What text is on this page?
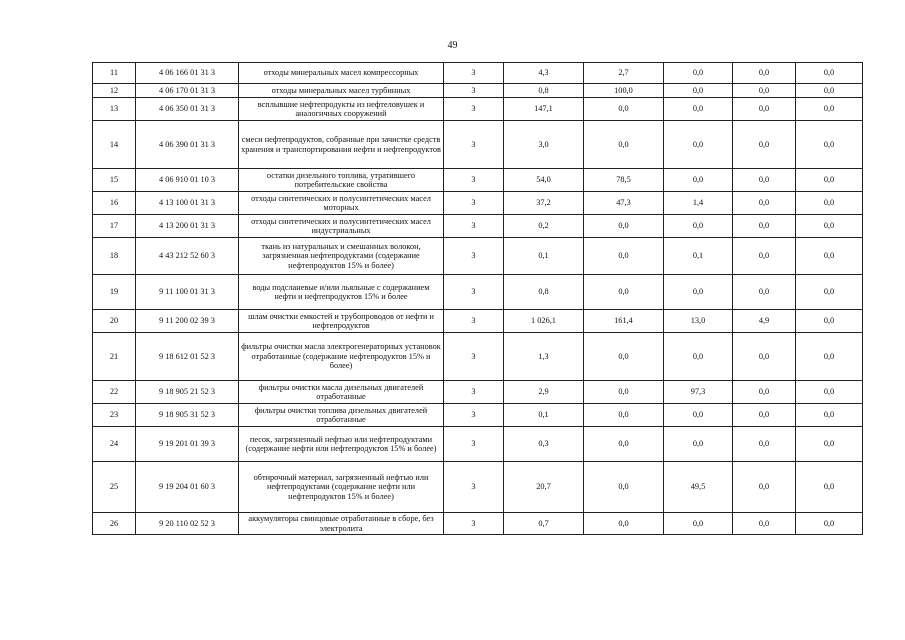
49
11	4 06 166 01 31 3	отходы минеральных масел компрессорных	3	4,3	2,7	0,0	0,0	0,0
12	4 06 170 01 31 3	отходы минеральных масел турбинных	3	0,8	100,0	0,0	0,0	0,0
13	4 06 350 01 31 3	всплывшие нефтепродукты из нефтеловушек и аналогичных сооружений	3	147,1	0,0	0,0	0,0	0,0
14	4 06 390 01 31 3	смеси нефтепродуктов, собранные при зачистке средств хранения и транспортирования нефти и нефтепродуктов	3	3,0	0,0	0,0	0,0	0,0
15	4 06 910 01 10 3	остатки дизельного топлива, утратившего потребительские свойства	3	54,0	78,5	0,0	0,0	0,0
16	4 13 100 01 31 3	отходы синтетических и полусинтетических масел моторных	3	37,2	47,3	1,4	0,0	0,0
17	4 13 200 01 31 3	отходы синтетических и полусинтетических масел индустриальных	3	0,2	0,0	0,0	0,0	0,0
18	4 43 212 52 60 3	ткань из натуральных и смешанных волокон, загрязненная нефтепродуктами (содержание нефтепродуктов 15% и более)	3	0,1	0,0	0,1	0,0	0,0
19	9 11 100 01 31 3	воды подсланевые и/или льяльные с содержанием нефти и нефтепродуктов 15% и более	3	0,8	0,0	0,0	0,0	0,0
20	9 11 200 02 39 3	шлам очистки емкостей и трубопроводов от нефти и нефтепродуктов	3	1 026,1	161,4	13,0	4,9	0,0
21	9 18 612 01 52 3	фильтры очистки масла электрогенераторных установок отработанные (содержание нефтепродуктов 15% и более)	3	1,3	0,0	0,0	0,0	0,0
22	9 18 905 21 52 3	фильтры очистки масла дизельных двигателей отработанные	3	2,9	0,0	97,3	0,0	0,0
23	9 18 905 31 52 3	фильтры очистки топлива дизельных двигателей отработанные	3	0,1	0,0	0,0	0,0	0,0
24	9 19 201 01 39 3	песок, загрязненный нефтью или нефтепродуктами (содержание нефти или нефтепродуктов 15% и более)	3	0,3	0,0	0,0	0,0	0,0
25	9 19 204 01 60 3	обтирочный материал, загрязненный нефтью или нефтепродуктами (содержание нефти или нефтепродуктов 15% и более)	3	20,7	0,0	49,5	0,0	0,0
26	9 20 110 02 52 3	аккумуляторы свинцовые отработанные в сборе, без электролита	3	0,7	0,0	0,0	0,0	0,0
